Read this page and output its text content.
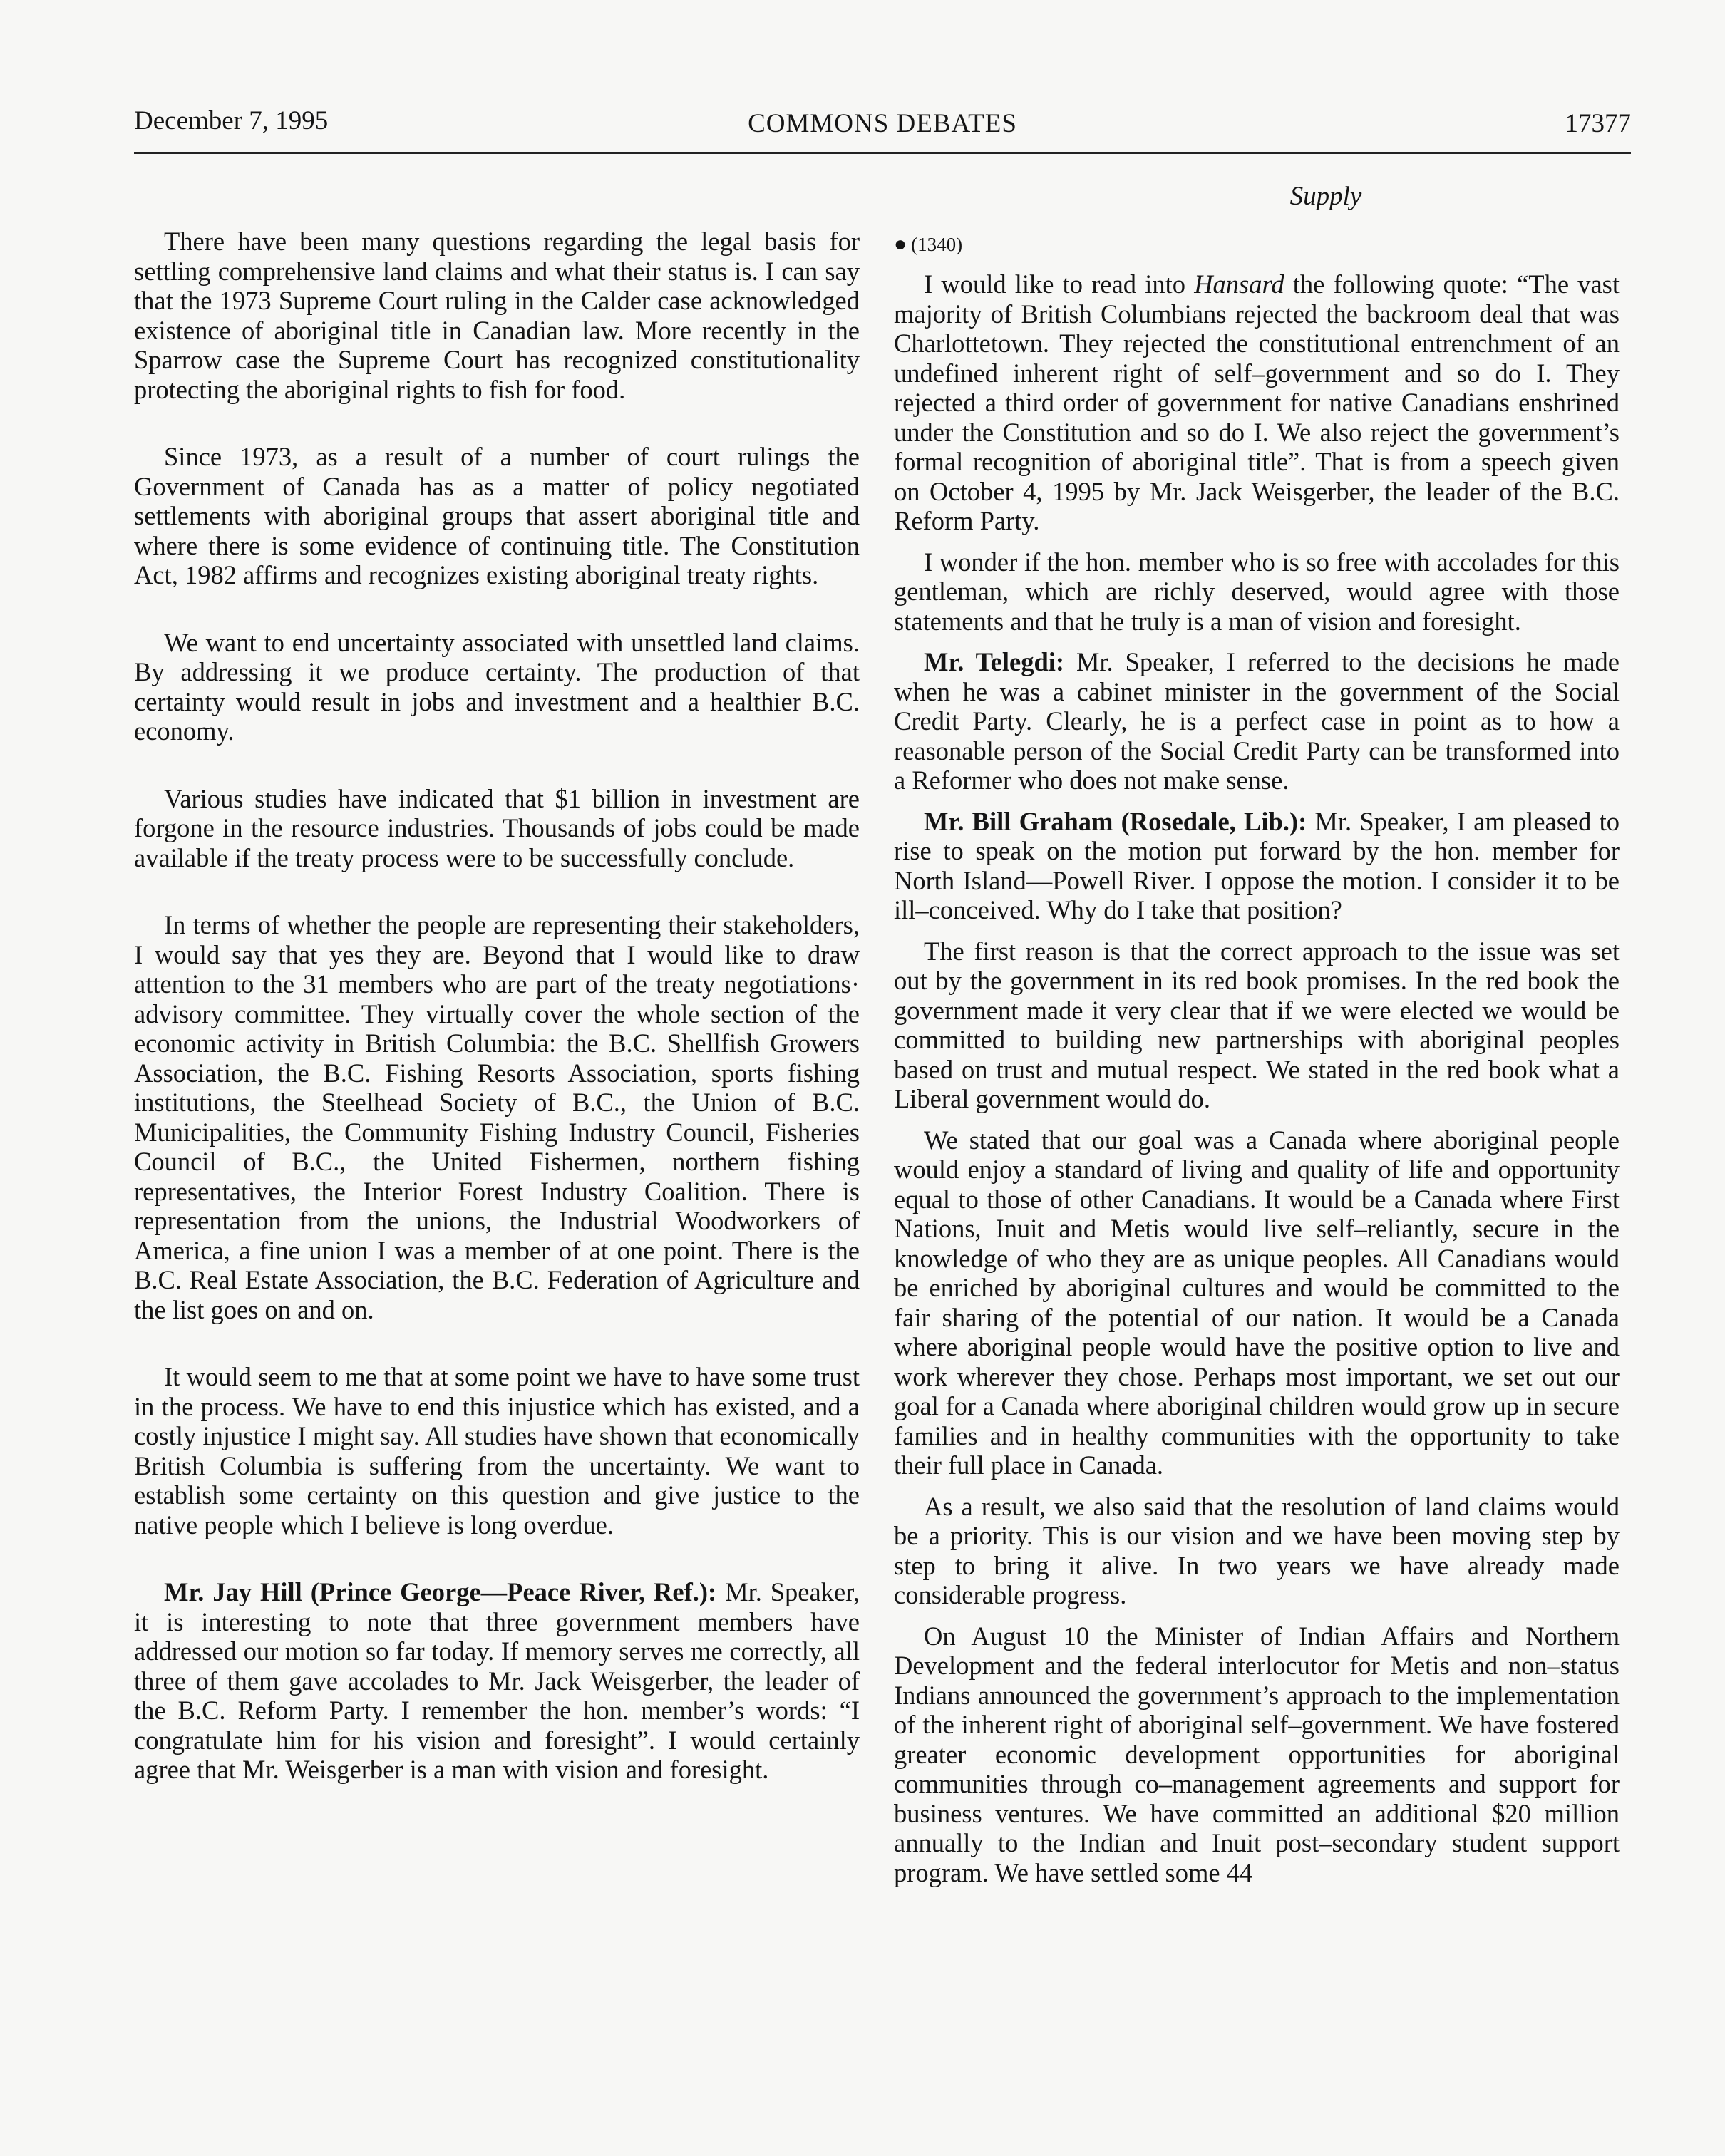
December 7, 1995	COMMONS DEBATES	17377
Supply

There have been many questions regarding the legal basis for settling comprehensive land claims and what their status is. I can say that the 1973 Supreme Court ruling in the Calder case acknowledged existence of aboriginal title in Canadian law. More recently in the Sparrow case the Supreme Court has recognized constitutionality protecting the aboriginal rights to fish for food.

Since 1973, as a result of a number of court rulings the Government of Canada has as a matter of policy negotiated settlements with aboriginal groups that assert aboriginal title and where there is some evidence of continuing title. The Constitution Act, 1982 affirms and recognizes existing aboriginal treaty rights.

We want to end uncertainty associated with unsettled land claims. By addressing it we produce certainty. The production of that certainty would result in jobs and investment and a healthier B.C. economy.

Various studies have indicated that $1 billion in investment are forgone in the resource industries. Thousands of jobs could be made available if the treaty process were to be successfully conclude.

In terms of whether the people are representing their stakeholders, I would say that yes they are. Beyond that I would like to draw attention to the 31 members who are part of the treaty negotiations· advisory committee. They virtually cover the whole section of the economic activity in British Columbia: the B.C. Shellfish Growers Association, the B.C. Fishing Resorts Association, sports fishing institutions, the Steelhead Society of B.C., the Union of B.C. Municipalities, the Community Fishing Industry Council, Fisheries Council of B.C., the United Fishermen, northern fishing representatives, the Interior Forest Industry Coalition. There is representation from the unions, the Industrial Woodworkers of America, a fine union I was a member of at one point. There is the B.C. Real Estate Association, the B.C. Federation of Agriculture and the list goes on and on.

It would seem to me that at some point we have to have some trust in the process. We have to end this injustice which has existed, and a costly injustice I might say. All studies have shown that economically British Columbia is suffering from the uncertainty. We want to establish some certainty on this question and give justice to the native people which I believe is long overdue.

Mr. Jay Hill (Prince George—Peace River, Ref.): Mr. Speaker, it is interesting to note that three government members have addressed our motion so far today. If memory serves me correctly, all three of them gave accolades to Mr. Jack Weisgerber, the leader of the B.C. Reform Party. I remember the hon. member’s words: “I congratulate him for his vision and foresight”. I would certainly agree that Mr. Weisgerber is a man with vision and foresight.

● (1340)

I would like to read into Hansard the following quote: “The vast majority of British Columbians rejected the backroom deal that was Charlottetown. They rejected the constitutional entrenchment of an undefined inherent right of self–government and so do I. They rejected a third order of government for native Canadians enshrined under the Constitution and so do I. We also reject the government’s formal recognition of aboriginal title”. That is from a speech given on October 4, 1995 by Mr. Jack Weisgerber, the leader of the B.C. Reform Party.

I wonder if the hon. member who is so free with accolades for this gentleman, which are richly deserved, would agree with those statements and that he truly is a man of vision and foresight.

Mr. Telegdi: Mr. Speaker, I referred to the decisions he made when he was a cabinet minister in the government of the Social Credit Party. Clearly, he is a perfect case in point as to how a reasonable person of the Social Credit Party can be transformed into a Reformer who does not make sense.

Mr. Bill Graham (Rosedale, Lib.): Mr. Speaker, I am pleased to rise to speak on the motion put forward by the hon. member for North Island—Powell River. I oppose the motion. I consider it to be ill–conceived. Why do I take that position?

The first reason is that the correct approach to the issue was set out by the government in its red book promises. In the red book the government made it very clear that if we were elected we would be committed to building new partnerships with aboriginal peoples based on trust and mutual respect. We stated in the red book what a Liberal government would do.

We stated that our goal was a Canada where aboriginal people would enjoy a standard of living and quality of life and opportunity equal to those of other Canadians. It would be a Canada where First Nations, Inuit and Metis would live self–reliantly, secure in the knowledge of who they are as unique peoples. All Canadians would be enriched by aboriginal cultures and would be committed to the fair sharing of the potential of our nation. It would be a Canada where aboriginal people would have the positive option to live and work wherever they chose. Perhaps most important, we set out our goal for a Canada where aboriginal children would grow up in secure families and in healthy communities with the opportunity to take their full place in Canada.

As a result, we also said that the resolution of land claims would be a priority. This is our vision and we have been moving step by step to bring it alive. In two years we have already made considerable progress.

On August 10 the Minister of Indian Affairs and Northern Development and the federal interlocutor for Metis and non–status Indians announced the government’s approach to the implementation of the inherent right of aboriginal self–government. We have fostered greater economic development opportunities for aboriginal communities through co–management agreements and support for business ventures. We have committed an additional $20 million annually to the Indian and Inuit post–secondary student support program. We have settled some 44
